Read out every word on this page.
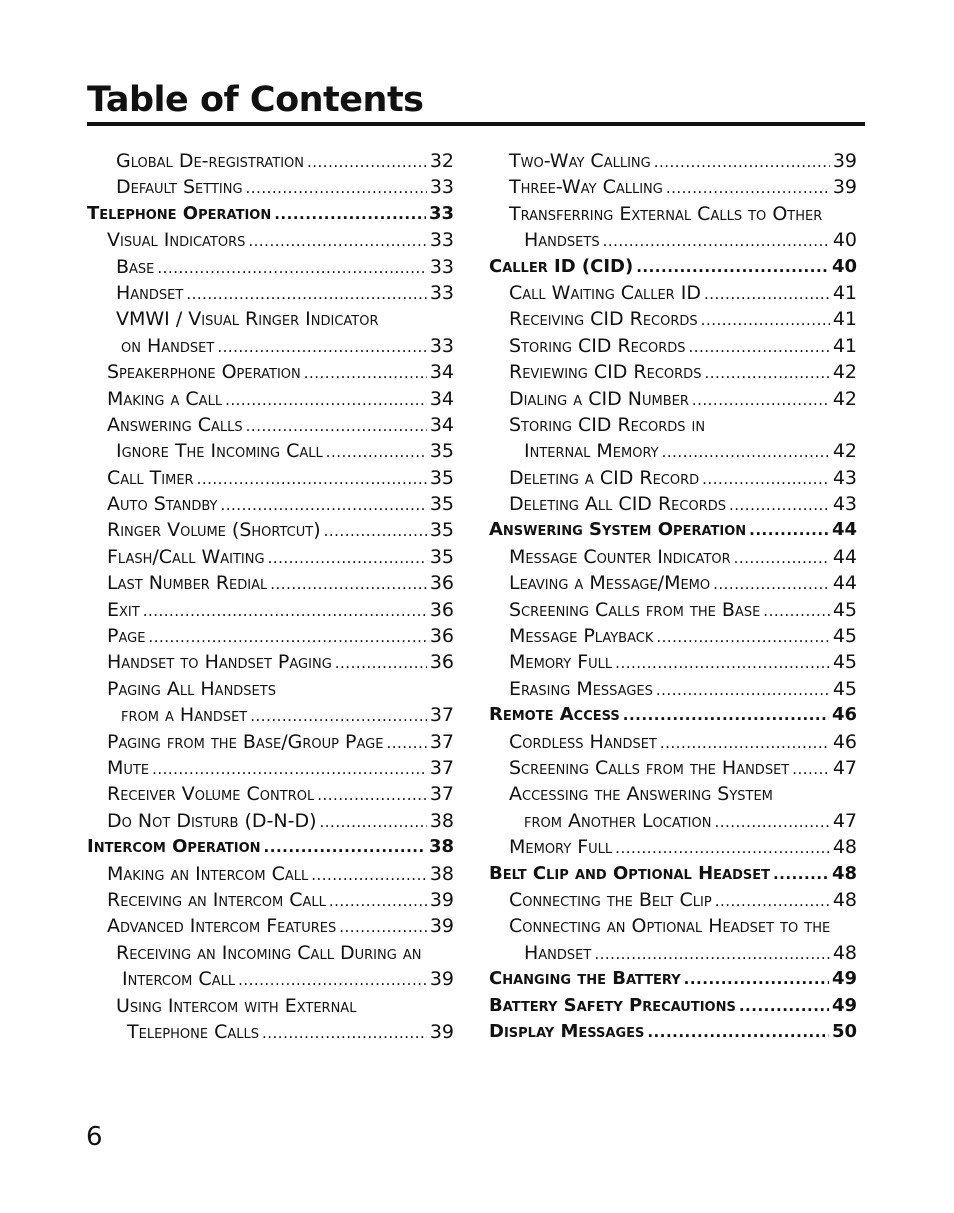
Table of Contents
Global De-registration .....	32
Default Setting .....	33
Telephone Operation .....	33
Visual Indicators .....	33
Base .....	33
Handset .....	33
VMWI / Visual Ringer Indicator
on Handset .....	33
Speakerphone Operation .....	34
Making a Call .....	34
Answering Calls .....	34
Ignore The Incoming Call .....	35
Call Timer .....	35
Auto Standby .....	35
Ringer Volume (Shortcut) .....	35
Flash/Call Waiting .....	35
Last Number Redial .....	36
Exit .....	36
Page .....	36
Handset to Handset Paging .....	36
Paging All Handsets
from a Handset .....	37
Paging from the Base/Group Page ..... 37
Mute .....	37
Receiver Volume Control .....	37
Do Not Disturb (D-N-D) .....	38
Intercom Operation .....	38
Making an Intercom Call .....	38
Receiving an Intercom Call .....	39
Advanced Intercom Features .....	39
Receiving an Incoming Call During an
Intercom Call .....	39
Using Intercom with External
Telephone Calls .....	39
Two-Way Calling .....	39
Three-Way Calling .....	39
Transferring External Calls to Other
Handsets .....	40
Caller ID (CID) .....	40
Call Waiting Caller ID .....	41
Receiving CID Records .....	41
Storing CID Records .....	41
Reviewing CID Records .....	42
Dialing a CID Number .....	42
Storing CID Records in
Internal Memory .....	42
Deleting a CID Record .....	43
Deleting All CID Records .....	43
Answering System Operation .....	44
Message Counter Indicator .....	44
Leaving a Message/Memo .....	44
Screening Calls from the Base .....	45
Message Playback .....	45
Memory Full .....	45
Erasing Messages .....	45
Remote Access .....	46
Cordless Handset .....	46
Screening Calls from the Handset ..... 47
Accessing the Answering System
from Another Location .....	47
Memory Full .....	48
Belt Clip and Optional Headset .....	48
Connecting the Belt Clip .....	48
Connecting an Optional Headset to the
Handset .....	48
Changing the Battery .....	49
Battery Safety Precautions .....	49
Display Messages .....	50
6
